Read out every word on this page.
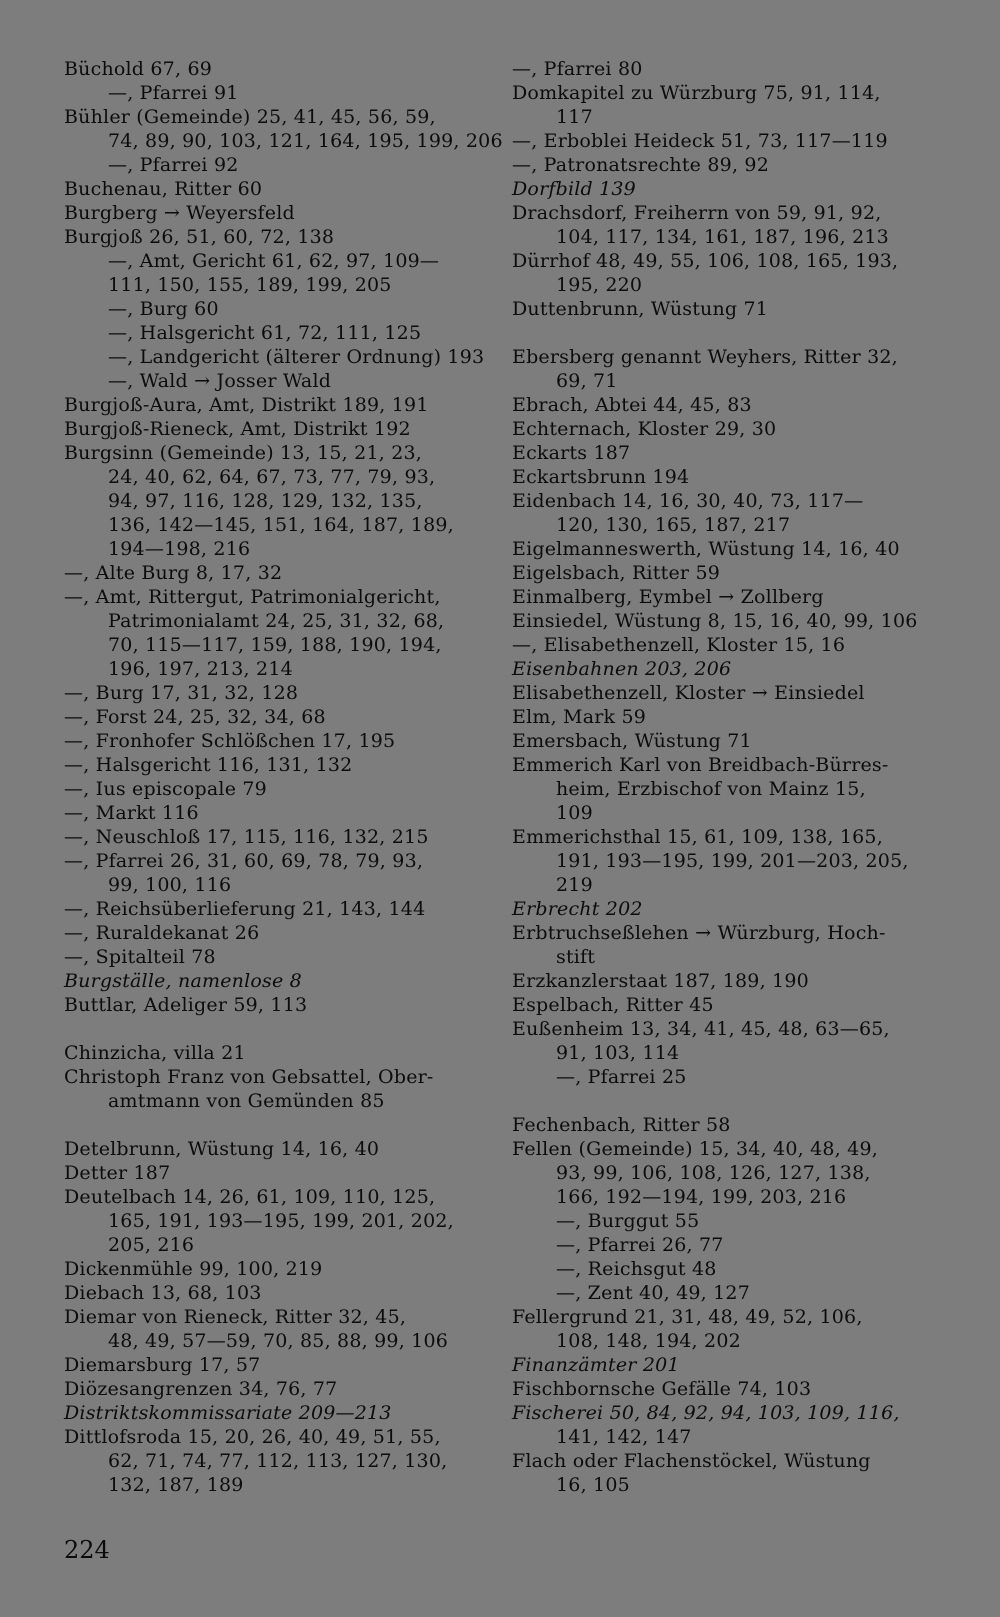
Büchold 67, 69
—, Pfarrei 91
Bühler (Gemeinde) 25, 41, 45, 56, 59,
74, 89, 90, 103, 121, 164, 195, 199, 206
—, Pfarrei 92
Buchenau, Ritter 60
Burgberg → Weyersfeld
Burgjoß 26, 51, 60, 72, 138
—, Amt, Gericht 61, 62, 97, 109—
111, 150, 155, 189, 199, 205
—, Burg 60
—, Halsgericht 61, 72, 111, 125
—, Landgericht (älterer Ordnung) 193
—, Wald → Josser Wald
Burgjoß-Aura, Amt, Distrikt 189, 191
Burgjoß-Rieneck, Amt, Distrikt 192
Burgsinn (Gemeinde) 13, 15, 21, 23,
24, 40, 62, 64, 67, 73, 77, 79, 93,
94, 97, 116, 128, 129, 132, 135,
136, 142—145, 151, 164, 187, 189,
194—198, 216
—, Alte Burg 8, 17, 32
—, Amt, Rittergut, Patrimonialgericht,
Patrimonialamt 24, 25, 31, 32, 68,
70, 115—117, 159, 188, 190, 194,
196, 197, 213, 214
—, Burg 17, 31, 32, 128
—, Forst 24, 25, 32, 34, 68
—, Fronhofer Schlößchen 17, 195
—, Halsgericht 116, 131, 132
—, Ius episcopale 79
—, Markt 116
—, Neuschloß 17, 115, 116, 132, 215
—, Pfarrei 26, 31, 60, 69, 78, 79, 93,
99, 100, 116
—, Reichsüberlieferung 21, 143, 144
—, Ruraldekanat 26
—, Spitalteil 78
Burgställe, namenlose 8
Buttlar, Adeliger 59, 113
Chinzicha, villa 21
Christoph Franz von Gebsattel, Ober-
amtmann von Gemünden 85
Detelbrunn, Wüstung 14, 16, 40
Detter 187
Deutelbach 14, 26, 61, 109, 110, 125,
165, 191, 193—195, 199, 201, 202,
205, 216
Dickenmühle 99, 100, 219
Diebach 13, 68, 103
Diemar von Rieneck, Ritter 32, 45,
48, 49, 57—59, 70, 85, 88, 99, 106
Diemarsburg 17, 57
Diözesangrenzen 34, 76, 77
Distriktskommissariate 209—213
Dittlofsroda 15, 20, 26, 40, 49, 51, 55,
62, 71, 74, 77, 112, 113, 127, 130,
132, 187, 189
—, Pfarrei 80
Domkapitel zu Würzburg 75, 91, 114,
117
—, Erboblei Heideck 51, 73, 117—119
—, Patronatsrechte 89, 92
Dorfbild 139
Drachsdorf, Freiherrn von 59, 91, 92,
104, 117, 134, 161, 187, 196, 213
Dürrhof 48, 49, 55, 106, 108, 165, 193,
195, 220
Duttenbrunn, Wüstung 71
Ebersberg genannt Weyhers, Ritter 32,
69, 71
Ebrach, Abtei 44, 45, 83
Echternach, Kloster 29, 30
Eckarts 187
Eckartsbrunn 194
Eidenbach 14, 16, 30, 40, 73, 117—
120, 130, 165, 187, 217
Eigelmanneswerth, Wüstung 14, 16, 40
Eigelsbach, Ritter 59
Einmalberg, Eymbel → Zollberg
Einsiedel, Wüstung 8, 15, 16, 40, 99, 106
—, Elisabethenzell, Kloster 15, 16
Eisenbahnen 203, 206
Elisabethenzell, Kloster → Einsiedel
Elm, Mark 59
Emersbach, Wüstung 71
Emmerich Karl von Breidbach-Bürres-
heim, Erzbischof von Mainz 15,
109
Emmerichsthal 15, 61, 109, 138, 165,
191, 193—195, 199, 201—203, 205,
219
Erbrecht 202
Erbtruchseßlehen → Würzburg, Hoch-
stift
Erzkanzlerstaat 187, 189, 190
Espelbach, Ritter 45
Eußenheim 13, 34, 41, 45, 48, 63—65,
91, 103, 114
—, Pfarrei 25
Fechenbach, Ritter 58
Fellen (Gemeinde) 15, 34, 40, 48, 49,
93, 99, 106, 108, 126, 127, 138,
166, 192—194, 199, 203, 216
—, Burggut 55
—, Pfarrei 26, 77
—, Reichsgut 48
—, Zent 40, 49, 127
Fellergrund 21, 31, 48, 49, 52, 106,
108, 148, 194, 202
Finanzämter 201
Fischbornsche Gefälle 74, 103
Fischerei 50, 84, 92, 94, 103, 109, 116,
141, 142, 147
Flach oder Flachenstöckel, Wüstung
16, 105
224
